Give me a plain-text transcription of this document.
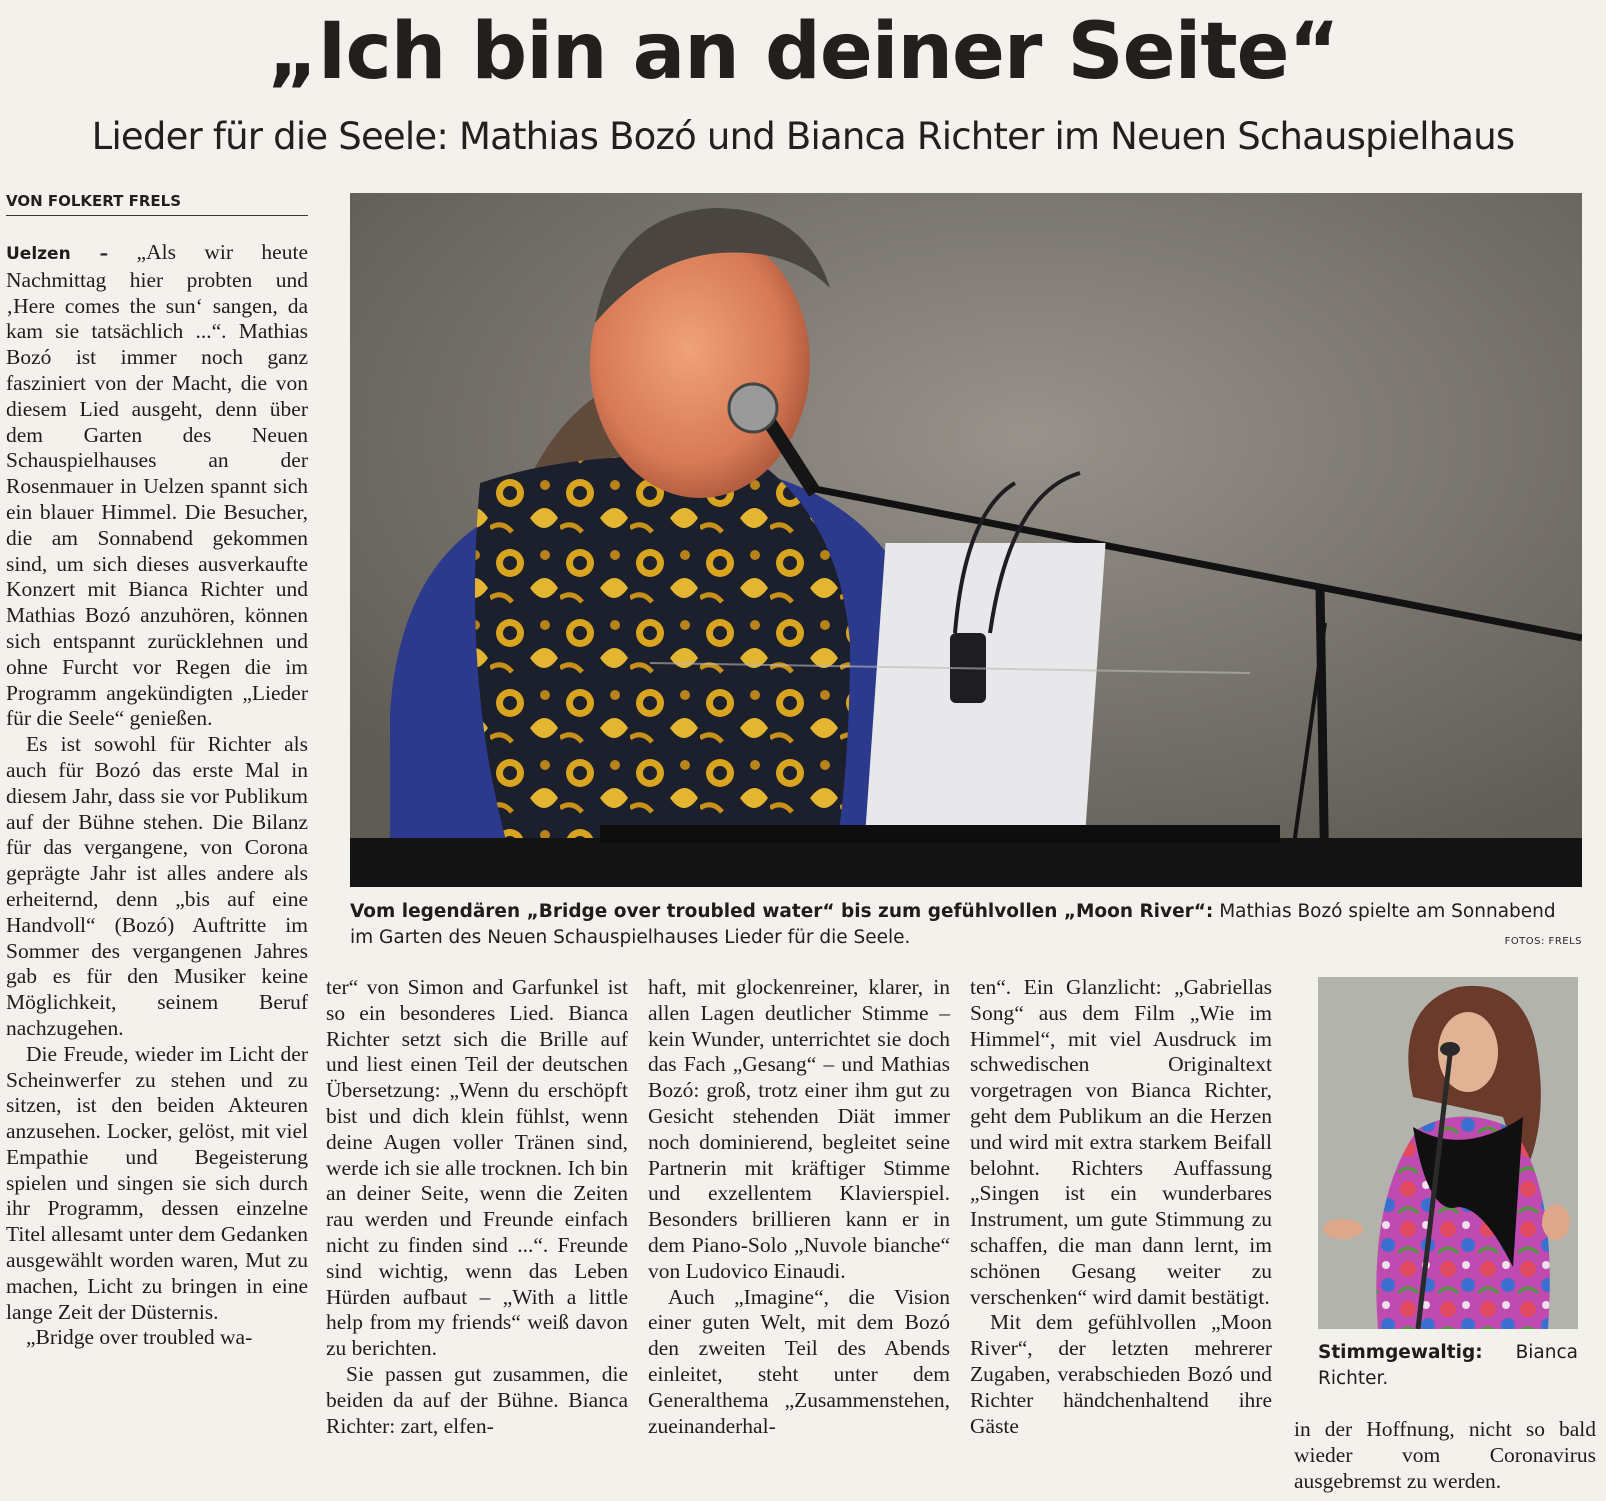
„Ich bin an deiner Seite“
Lieder für die Seele: Mathias Bozó und Bianca Richter im Neuen Schauspielhaus
VON FOLKERT FRELS

Uelzen – „Als wir heute Nachmittag hier probten und ‚Here comes the sun‘ sangen, da kam sie tatsächlich ...“. Mathias Bozó ist immer noch ganz fasziniert von der Macht, die von diesem Lied ausgeht, denn über dem Garten des Neuen Schauspielhauses an der Rosenmauer in Uelzen spannt sich ein blauer Himmel. Die Besucher, die am Sonnabend gekommen sind, um sich dieses ausverkaufte Konzert mit Bianca Richter und Mathias Bozó anzuhören, können sich entspannt zurücklehnen und ohne Furcht vor Regen die im Programm angekündigten „Lieder für die Seele“ genießen.

Es ist sowohl für Richter als auch für Bozó das erste Mal in diesem Jahr, dass sie vor Publikum auf der Bühne stehen. Die Bilanz für das vergangene, von Corona geprägte Jahr ist alles andere als erheiternd, denn „bis auf eine Handvoll“ (Bozó) Auftritte im Sommer des vergangenen Jahres gab es für den Musiker keine Möglichkeit, seinem Beruf nachzugehen.

Die Freude, wieder im Licht der Scheinwerfer zu stehen und zu sitzen, ist den beiden Akteuren anzusehen. Locker, gelöst, mit viel Empathie und Begeisterung spielen und singen sie sich durch ihr Programm, dessen einzelne Titel allesamt unter dem Gedanken ausgewählt worden waren, Mut zu machen, Licht zu bringen in eine lange Zeit der Düsternis.

„Bridge over troubled wa-

Vom legendären „Bridge over troubled water“ bis zum gefühlvollen „Moon River“: Mathias Bozó spielte am Sonnabend im Garten des Neuen Schauspielhauses Lieder für die Seele.	FOTOS: FRELS

ter“ von Simon and Garfunkel ist so ein besonderes Lied. Bianca Richter setzt sich die Brille auf und liest einen Teil der deutschen Übersetzung: „Wenn du erschöpft bist und dich klein fühlst, wenn deine Augen voller Tränen sind, werde ich sie alle trocknen. Ich bin an deiner Seite, wenn die Zeiten rau werden und Freunde einfach nicht zu finden sind ...“. Freunde sind wichtig, wenn das Leben Hürden aufbaut – „With a little help from my friends“ weiß davon zu berichten.

Sie passen gut zusammen, die beiden da auf der Bühne. Bianca Richter: zart, elfen-

haft, mit glockenreiner, klarer, in allen Lagen deutlicher Stimme – kein Wunder, unterrichtet sie doch das Fach „Gesang“ – und Mathias Bozó: groß, trotz einer ihm gut zu Gesicht stehenden Diät immer noch dominierend, begleitet seine Partnerin mit kräftiger Stimme und exzellentem Klavierspiel. Besonders brillieren kann er in dem Piano-Solo „Nuvole bianche“ von Ludovico Einaudi.

Auch „Imagine“, die Vision einer guten Welt, mit dem Bozó den zweiten Teil des Abends einleitet, steht unter dem Generalthema „Zusammenstehen, zueinanderhal-

ten“. Ein Glanzlicht: „Gabriellas Song“ aus dem Film „Wie im Himmel“, mit viel Ausdruck im schwedischen Originaltext vorgetragen von Bianca Richter, geht dem Publikum an die Herzen und wird mit extra starkem Beifall belohnt. Richters Auffassung „Singen ist ein wunderbares Instrument, um gute Stimmung zu schaffen, die man dann lernt, im schönen Gesang weiter zu verschenken“ wird damit bestätigt.

Mit dem gefühlvollen „Moon River“, der letzten mehrerer Zugaben, verabschieden Bozó und Richter händchenhaltend ihre Gäste

Stimmgewaltig: Bianca Richter.

in der Hoffnung, nicht so bald wieder vom Coronavirus ausgebremst zu werden.
